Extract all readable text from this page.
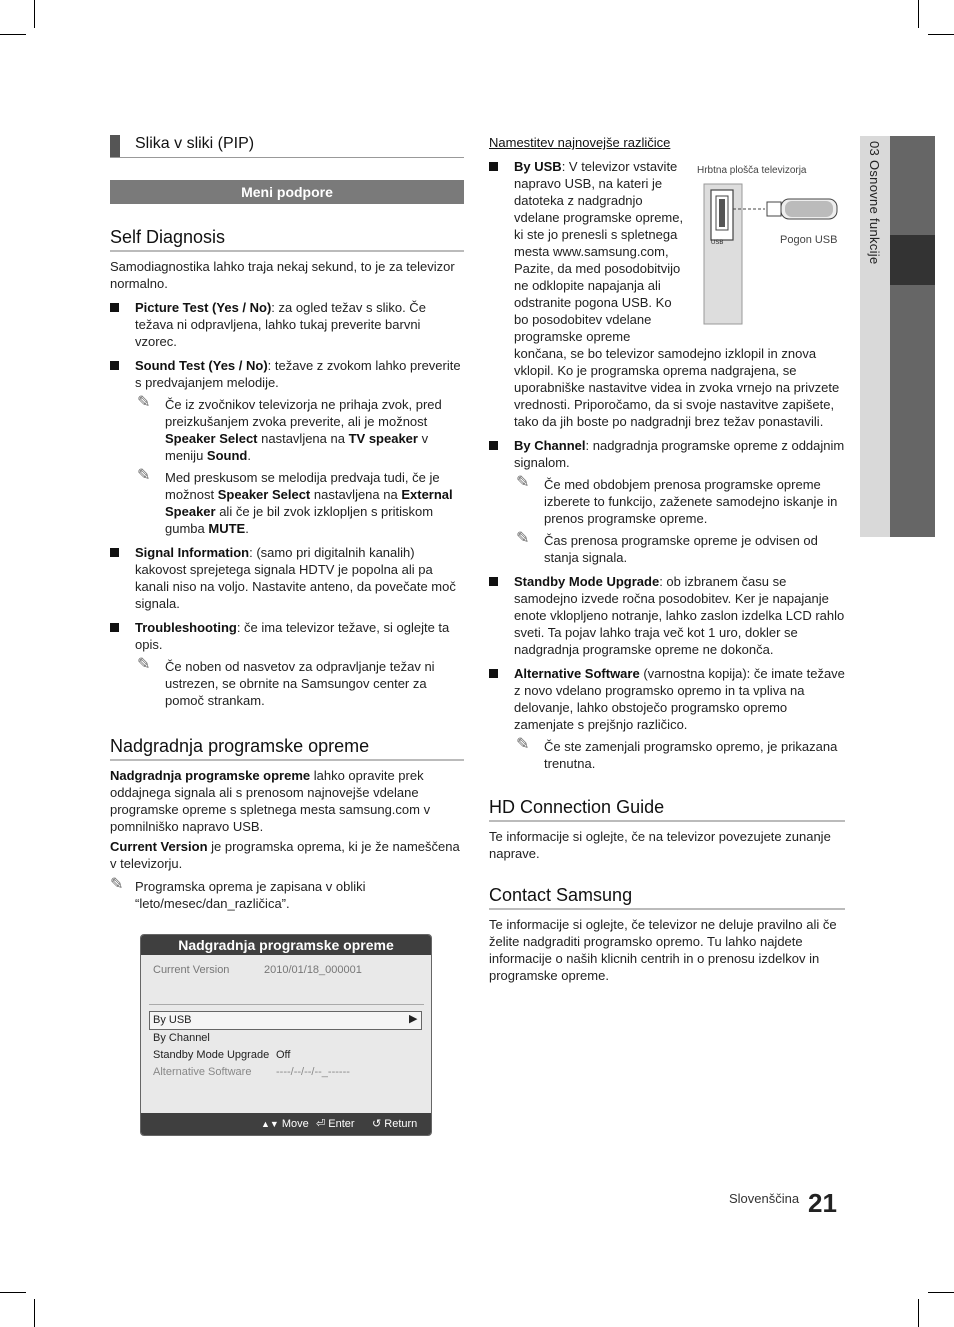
Slika v sliki (PIP)
Meni podpore
Self Diagnosis

Samodiagnostika lahko traja nekaj sekund, to je za televizor normalno.

Picture Test (Yes / No): za ogled težav s sliko. Če težava ni odpravljena, lahko tukaj preverite barvni vzorec.
Sound Test (Yes / No): težave z zvokom lahko preverite s predvajanjem melodije.
✎ Če iz zvočnikov televizorja ne prihaja zvok, pred preizkušanjem zvoka preverite, ali je možnost Speaker Select nastavljena na TV speaker v meniju Sound.
✎ Med preskusom se melodija predvaja tudi, če je možnost Speaker Select nastavljena na External Speaker ali če je bil zvok izklopljen s pritiskom gumba MUTE.
Signal Information: (samo pri digitalnih kanalih) kakovost sprejetega signala HDTV je popolna ali pa kanali niso na voljo. Nastavite anteno, da povečate moč signala.
Troubleshooting: če ima televizor težave, si oglejte ta opis.
✎ Če noben od nasvetov za odpravljanje težav ni ustrezen, se obrnite na Samsungov center za pomoč strankam.
Nadgradnja programske opreme

Nadgradnja programske opreme lahko opravite prek oddajnega signala ali s prenosom najnovejše vdelane programske opreme s spletnega mesta samsung.com v pomnilniško napravo USB.

Current Version je programska oprema, ki je že nameščena v televizorju.

✎ Programska oprema je zapisana v obliki “leto/mesec/dan_različica”.
Nadgradnja programske opreme
Current Version	2010/01/18_000001
By USB	▶
By Channel
Standby Mode Upgrade Off
Alternative Software ----/--/--/--_------
▲▼ Move ⏎ Enter ↺ Return
Namestitev najnovejše različice
By USB: V televizor vstavite napravo USB, na kateri je datoteka z nadgradnjo vdelane programske opreme, ki ste jo prenesli s spletnega mesta www.samsung.com, Pazite, da med posodobitvijo ne odklopite napajanja ali odstranite pogona USB. Ko bo posodobitev vdelane programske opreme

končana, se bo televizor samodejno izklopil in znova vklopil. Ko je programska oprema nadgrajena, se uporabniške nastavitve videa in zvoka vrnejo na privzete vrednosti. Priporočamo, da si svoje nastavitve zapišete, tako da jih boste po nadgradnji brez težav ponastavili.

By Channel: nadgradnja programske opreme z oddajnim signalom.
✎ Če med obdobjem prenosa programske opreme izberete to funkcijo, zaženete samodejno iskanje in prenos programske opreme.
✎ Čas prenosa programske opreme je odvisen od stanja signala.
Standby Mode Upgrade: ob izbranem času se samodejno izvede ročna posodobitev. Ker je napajanje enote vklopljeno notranje, lahko zaslon izdelka LCD rahlo sveti. Ta pojav lahko traja več kot 1 uro, dokler se nadgradnja programske opreme ne dokonča.
Alternative Software (varnostna kopija): če imate težave z novo vdelano programsko opremo in ta vpliva na delovanje, lahko obstoječo programsko opremo zamenjate s prejšnjo različico.
✎ Če ste zamenjali programsko opremo, je prikazana trenutna.
HD Connection Guide

Te informacije si oglejte, če na televizor povezujete zunanje naprave.

Contact Samsung

Te informacije si oglejte, če televizor ne deluje pravilno ali če želite nadgraditi programsko opremo. Tu lahko najdete informacije o naših klicnih centrih in o prenosu izdelkov in programske opreme.

Hrbtna plošča televizorja
USB	Pogon USB 03 Osnovne funkcije
Slovenščina 21
